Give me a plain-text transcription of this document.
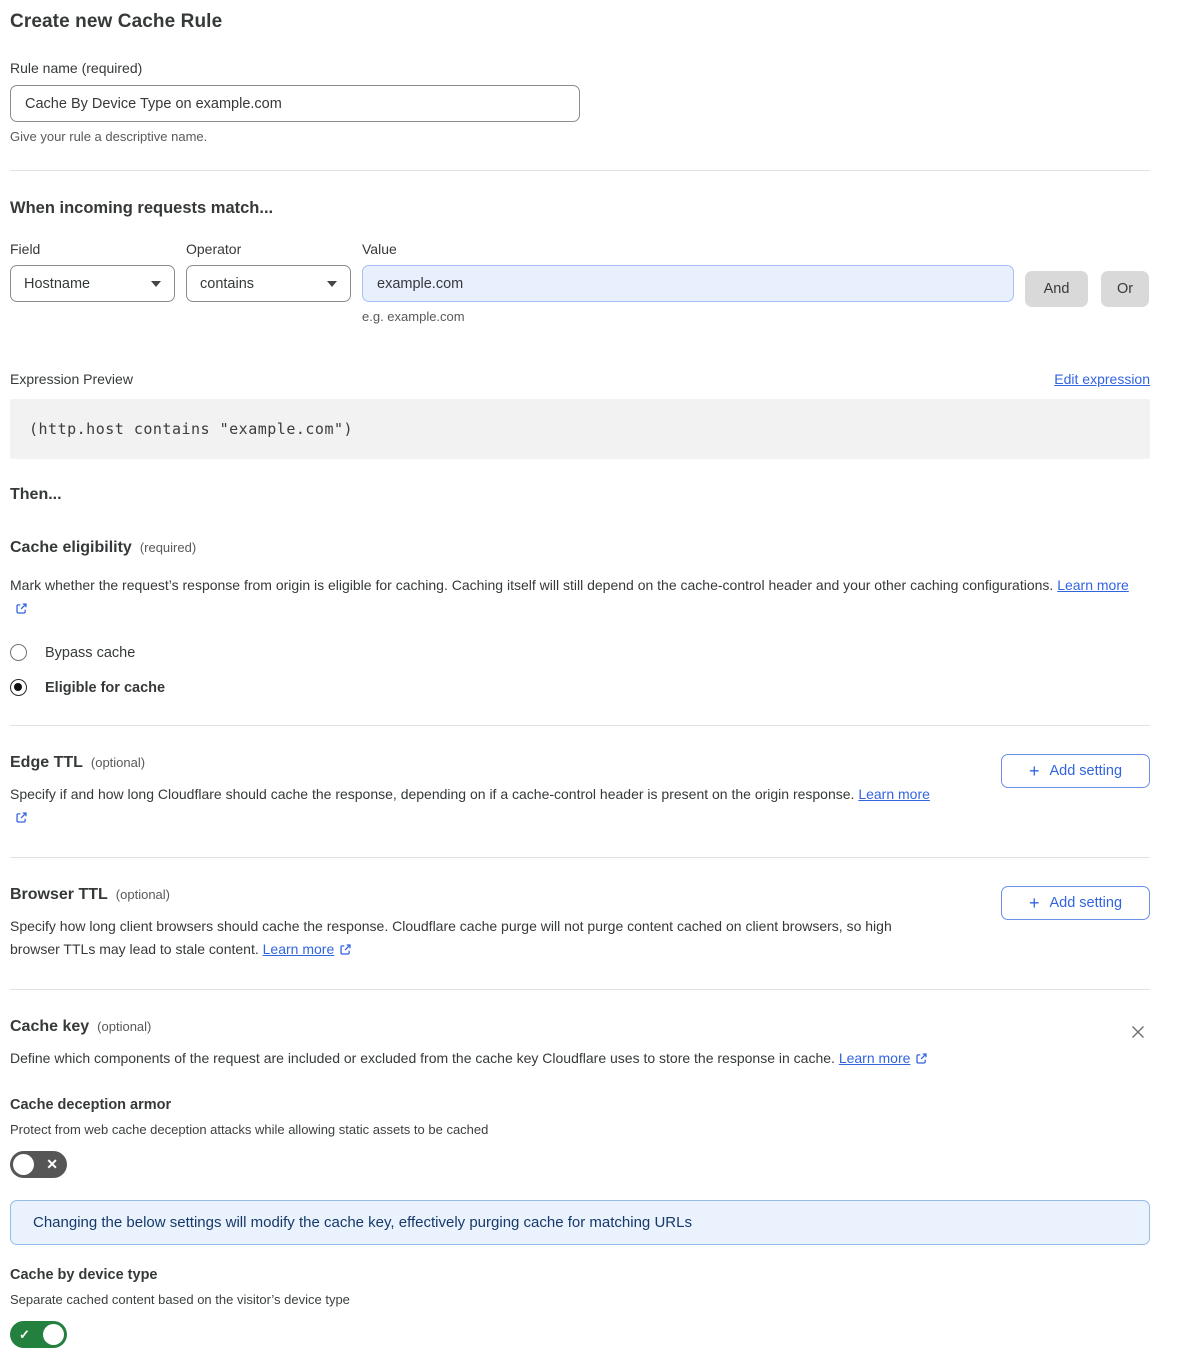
Create new Cache Rule
Rule name (required)
Cache By Device Type on example.com
Give your rule a descriptive name.
When incoming requests match...
Field
Hostname
Operator
contains
Value
example.com
e.g. example.com
And	Or
Expression Preview	Edit expression
(http.host contains "example.com")
Then...
Cache eligibility (required)

Mark whether the request’s response from origin is eligible for caching. Caching itself will still depend on the cache-control header and your other caching configurations. Learn more

Bypass cache
Eligible for cache
Edge TTL (optional)

Specify if and how long Cloudflare should cache the response, depending on if a cache-control header is present on the origin response. Learn more

+ Add setting
Browser TTL (optional)

Specify how long client browsers should cache the response. Cloudflare cache purge will not purge content cached on client browsers, so high browser TTLs may lead to stale content. Learn more

+ Add setting
Cache key (optional)

Define which components of the request are included or excluded from the cache key Cloudflare uses to store the response in cache. Learn more

Cache deception armor

Protect from web cache deception attacks while allowing static assets to be cached

✕
Changing the below settings will modify the cache key, effectively purging cache for matching URLs
Cache by device type

Separate cached content based on the visitor’s device type

✓
